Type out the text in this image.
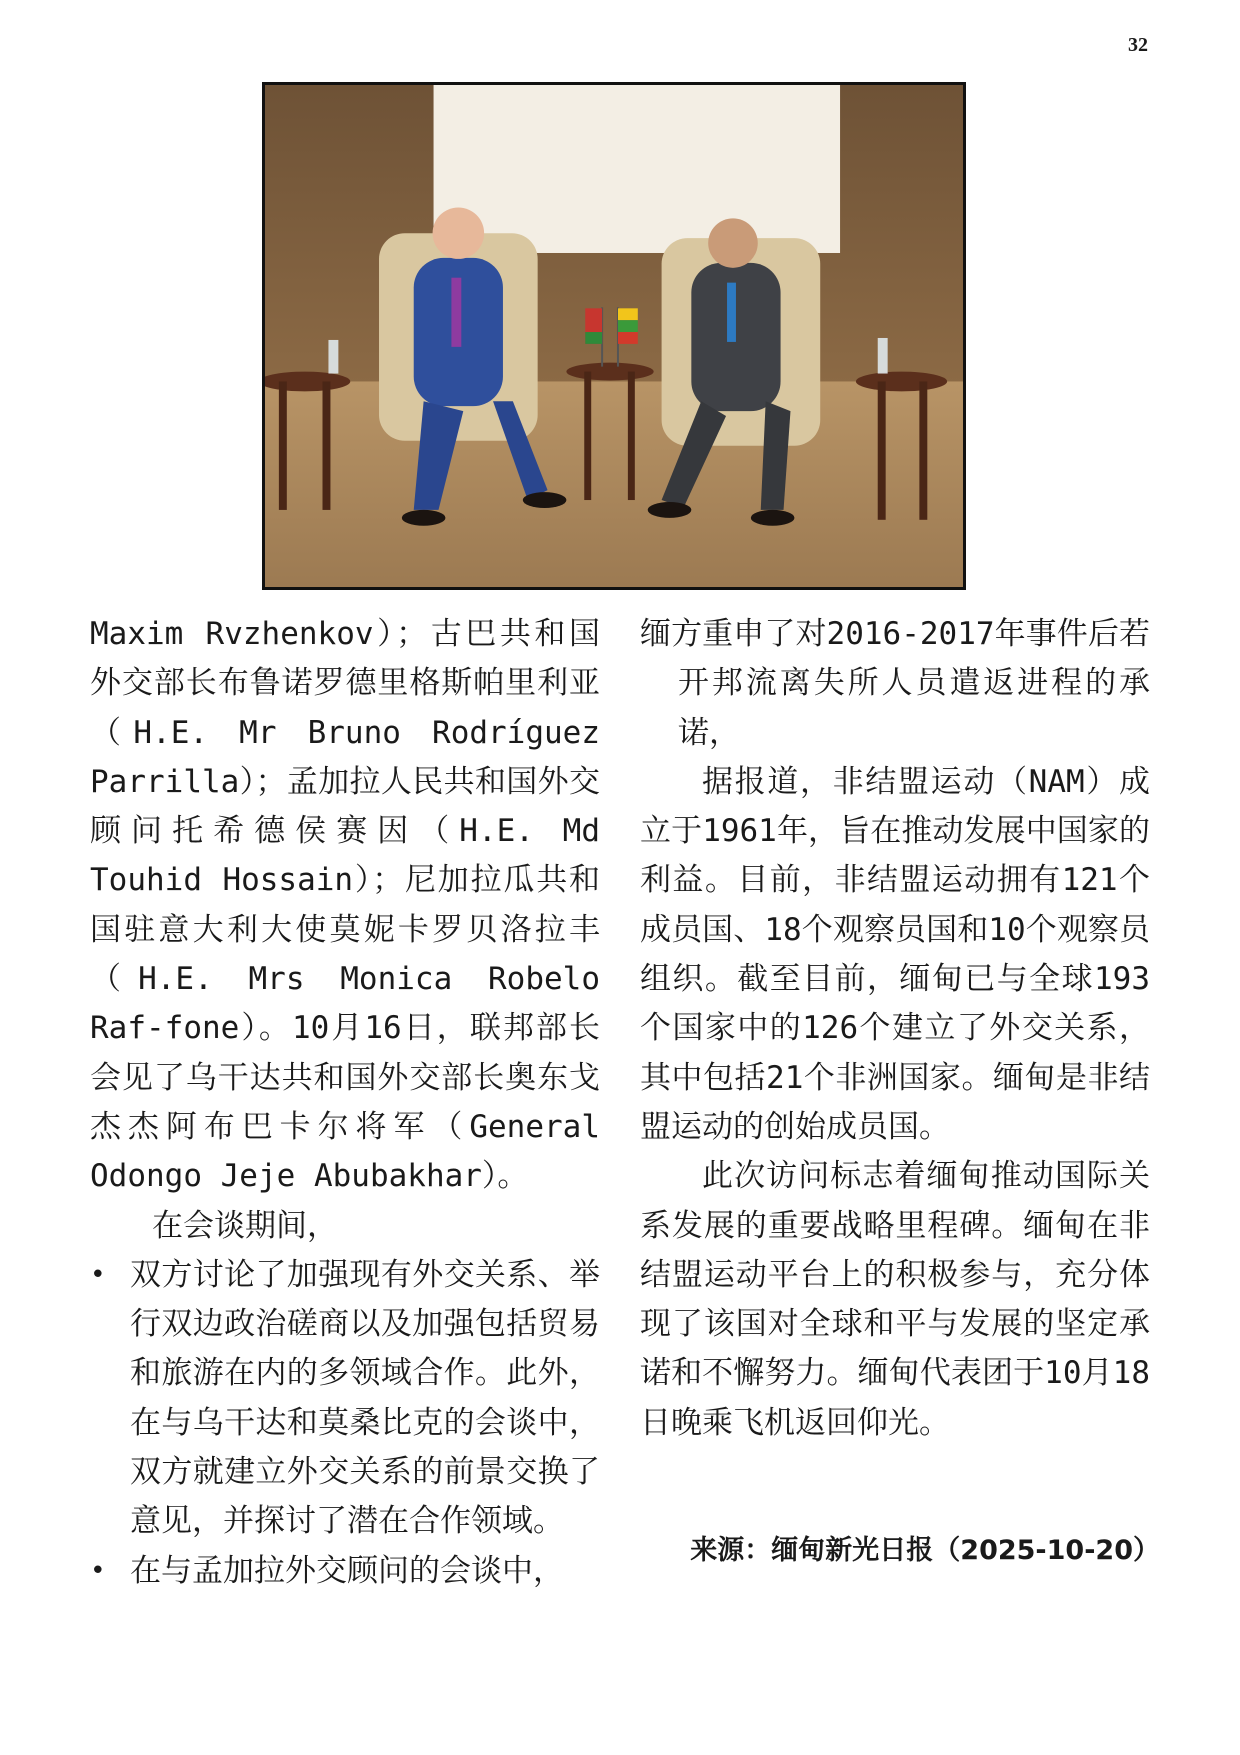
32

Maxim Rvzhenkov）；古巴共和国外交部长布鲁诺罗德里格斯帕里利亚（H.E. Mr Bruno Rodríguez Parrilla）；孟加拉人民共和国外交顾问托希德侯赛因（H.E. Md Touhid Hossain）；尼加拉瓜共和国驻意大利大使莫妮卡罗贝洛拉丰（H.E. Mrs Monica Robelo Raf-fone）。10月16日，联邦部长会见了乌干达共和国外交部长奥东戈杰杰阿布巴卡尔将军（General Odongo Jeje Abubakhar）。

在会谈期间，

• 双方讨论了加强现有外交关系、举行双边政治磋商以及加强包括贸易和旅游在内的多领域合作。此外，在与乌干达和莫桑比克的会谈中，双方就建立外交关系的前景交换了意见，并探讨了潜在合作领域。
• 在与孟加拉外交顾问的会谈中，

缅方重申了对2016-2017年事件后若开邦流离失所人员遣返进程的承诺，

据报道，非结盟运动（NAM）成立于1961年，旨在推动发展中国家的利益。目前，非结盟运动拥有121个成员国、18个观察员国和10个观察员组织。截至目前，缅甸已与全球193个国家中的126个建立了外交关系，其中包括21个非洲国家。缅甸是非结盟运动的创始成员国。

此次访问标志着缅甸推动国际关系发展的重要战略里程碑。缅甸在非结盟运动平台上的积极参与，充分体现了该国对全球和平与发展的坚定承诺和不懈努力。缅甸代表团于10月18日晚乘飞机返回仰光。

来源：缅甸新光日报（2025-10-20）
